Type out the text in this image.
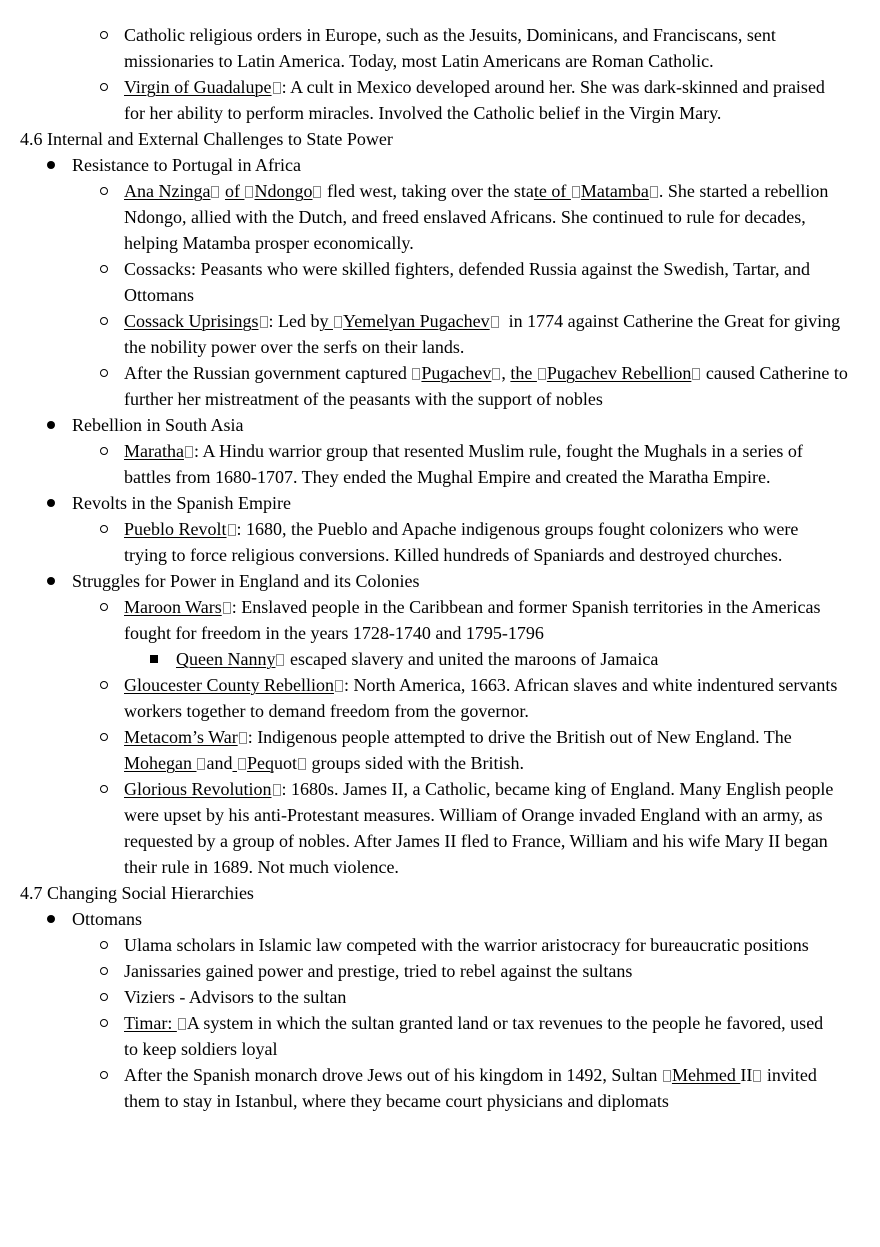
Catholic religious orders in Europe, such as the Jesuits, Dominicans, and Franciscans, sent
missionaries to Latin America. Today, most Latin Americans are Roman Catholic.
Virgin of Guadalupe : A cult in Mexico developed around her. She was dark-skinned and praised
for her ability to perform miracles. Involved the Catholic belief in the Virgin Mary.
4.6 Internal and External Challenges to State Power
Resistance to Portugal in Africa
Ana Nzinga of Ndongo fled west, taking over the state of Matamba . She started a rebellion
Ndongo, allied with the Dutch, and freed enslaved Africans. She continued to rule for decades,
helping Matamba prosper economically.
Cossacks: Peasants who were skilled fighters, defended Russia against the Swedish, Tartar, and
Ottomans
Cossack Uprisings : Led by Yemelyan Pugachev  in 1774 against Catherine the Great for giving
the nobility power over the serfs on their lands.
After the Russian government captured Pugachev , the Pugachev Rebellion caused Catherine to
further her mistreatment of the peasants with the support of nobles
Rebellion in South Asia
Maratha : A Hindu warrior group that resented Muslim rule, fought the Mughals in a series of
battles from 1680-1707. They ended the Mughal Empire and created the Maratha Empire.
Revolts in the Spanish Empire
Pueblo Revolt : 1680, the Pueblo and Apache indigenous groups fought colonizers who were
trying to force religious conversions. Killed hundreds of Spaniards and destroyed churches.
Struggles for Power in England and its Colonies
Maroon Wars : Enslaved people in the Caribbean and former Spanish territories in the Americas
fought for freedom in the years 1728-1740 and 1795-1796
Queen Nanny escaped slavery and united the maroons of Jamaica
Gloucester County Rebellion : North America, 1663. African slaves and white indentured servants
workers together to demand freedom from the governor.
Metacom’s War : Indigenous people attempted to drive the British out of New England. The
Mohegan and Pequot groups sided with the British.
Glorious Revolution : 1680s. James II, a Catholic, became king of England. Many English people
were upset by his anti-Protestant measures. William of Orange invaded England with an army, as
requested by a group of nobles. After James II fled to France, William and his wife Mary II began
their rule in 1689. Not much violence.
4.7 Changing Social Hierarchies
Ottomans
Ulama scholars in Islamic law competed with the warrior aristocracy for bureaucratic positions
Janissaries gained power and prestige, tried to rebel against the sultans
Viziers - Advisors to the sultan
Timar: A system in which the sultan granted land or tax revenues to the people he favored, used
to keep soldiers loyal
After the Spanish monarch drove Jews out of his kingdom in 1492, Sultan Mehmed II invited
them to stay in Istanbul, where they became court physicians and diplomats
